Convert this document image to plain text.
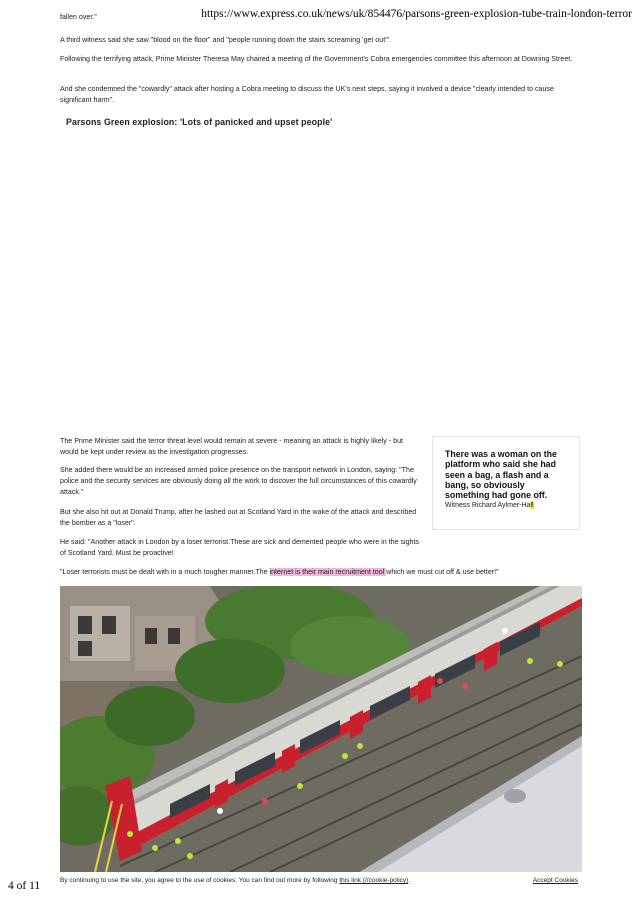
https://www.express.co.uk/news/uk/854476/parsons-green-explosion-tube-train-london-terror
fallen over."

A third witness said she saw "blood on the floor" and "people running down the stairs screaming 'get out'".

Following the terrifying attack, Prime Minister Theresa May chaired a meeting of the Government's Cobra emergencies committee this afternoon at Downing Street.

And she condemned the "cowardly" attack after hosting a Cobra meeting to discuss the UK's next steps, saying it involved a device "clearly intended to cause significant harm".

Parsons Green explosion: 'Lots of panicked and upset people'

The Prime Minister said the terror threat level would remain at severe - meaning an attack is highly likely - but would be kept under review as the investigation progresses.

She added there would be an increased armed police presence on the transport network in London, saying: "The police and the security services are obviously doing all the work to discover the full circumstances of this cowardly attack."

But she also hit out at Donald Trump, after he lashed out at Scotland Yard in the wake of the attack and described the bomber as a "loser".

He said: "Another attack in London by a loser terrorist.These are sick and demented people who were in the sights of Scotland Yard. Must be proactive!

"Loser terrorists must be dealt with in a much tougher manner.The internet is their main recruitment tool which we must cut off & use better!"

There was a woman on the platform who said she had seen a bag, a flash and a bang, so obviously something had gone off.

Witness Richard Aylmer-Hall

By continuing to use the site, you agree to the use of cookies. You can find out more by following this link (//cookie-policy).	Accept Cookies
4 of 11
